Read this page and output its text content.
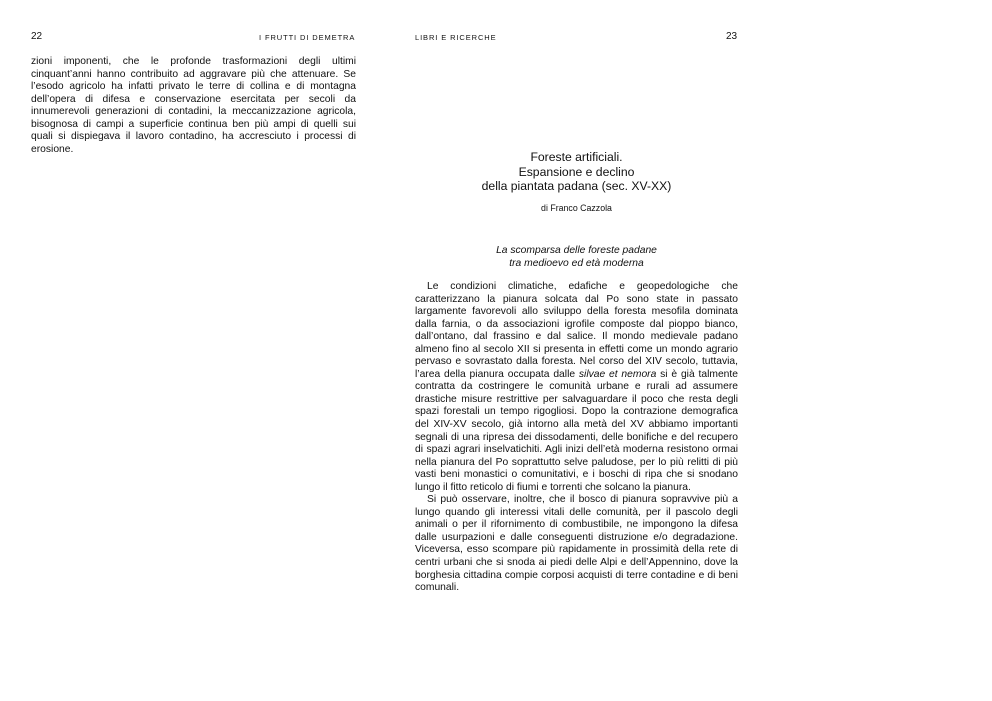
22	I FRUTTI DI DEMETRA

zioni imponenti, che le profonde trasformazioni degli ultimi cinquant’anni hanno contribuito ad aggravare più che attenuare. Se l’esodo agricolo ha infatti privato le terre di collina e di montagna dell’opera di difesa e conservazione esercitata per secoli da innumerevoli generazioni di contadini, la meccanizzazione agricola, bisognosa di campi a superficie continua ben più ampi di quelli sui quali si dispiegava il lavoro contadino, ha accresciuto i processi di erosione.

LIBRI E RICERCHE	23
Foreste artificiali.
Espansione e declino
della piantata padana (sec. XV-XX)
di Franco Cazzola
La scomparsa delle foreste padane
tra medioevo ed età moderna

Le condizioni climatiche, edafiche e geopedologiche che caratterizzano la pianura solcata dal Po sono state in passato largamente favorevoli allo sviluppo della foresta mesofila dominata dalla farnia, o da associazioni igrofile composte dal pioppo bianco, dall’ontano, dal frassino e dal salice. Il mondo medievale padano almeno fino al secolo XII si presenta in effetti come un mondo agrario pervaso e sovrastato dalla foresta. Nel corso del XIV secolo, tuttavia, l’area della pianura occupata dalle silvae et nemora si è già talmente contratta da costringere le comunità urbane e rurali ad assumere drastiche misure restrittive per salvaguardare il poco che resta degli spazi forestali un tempo rigogliosi. Dopo la contrazione demografica del XIV-XV secolo, già intorno alla metà del XV abbiamo importanti segnali di una ripresa dei dissodamenti, delle bonifiche e del recupero di spazi agrari inselvatichiti. Agli inizi dell’età moderna resistono ormai nella pianura del Po soprattutto selve paludose, per lo più relitti di più vasti beni monastici o comunitativi, e i boschi di ripa che si snodano lungo il fitto reticolo di fiumi e torrenti che solcano la pianura.

Si può osservare, inoltre, che il bosco di pianura sopravvive più a lungo quando gli interessi vitali delle comunità, per il pascolo degli animali o per il rifornimento di combustibile, ne impongono la difesa dalle usurpazioni e dalle conseguenti distruzione e/o degradazione. Viceversa, esso scompare più rapidamente in prossimità della rete di centri urbani che si snoda ai piedi delle Alpi e dell’Appennino, dove la borghesia cittadina compie corposi acquisti di terre contadine e di beni comunali.
